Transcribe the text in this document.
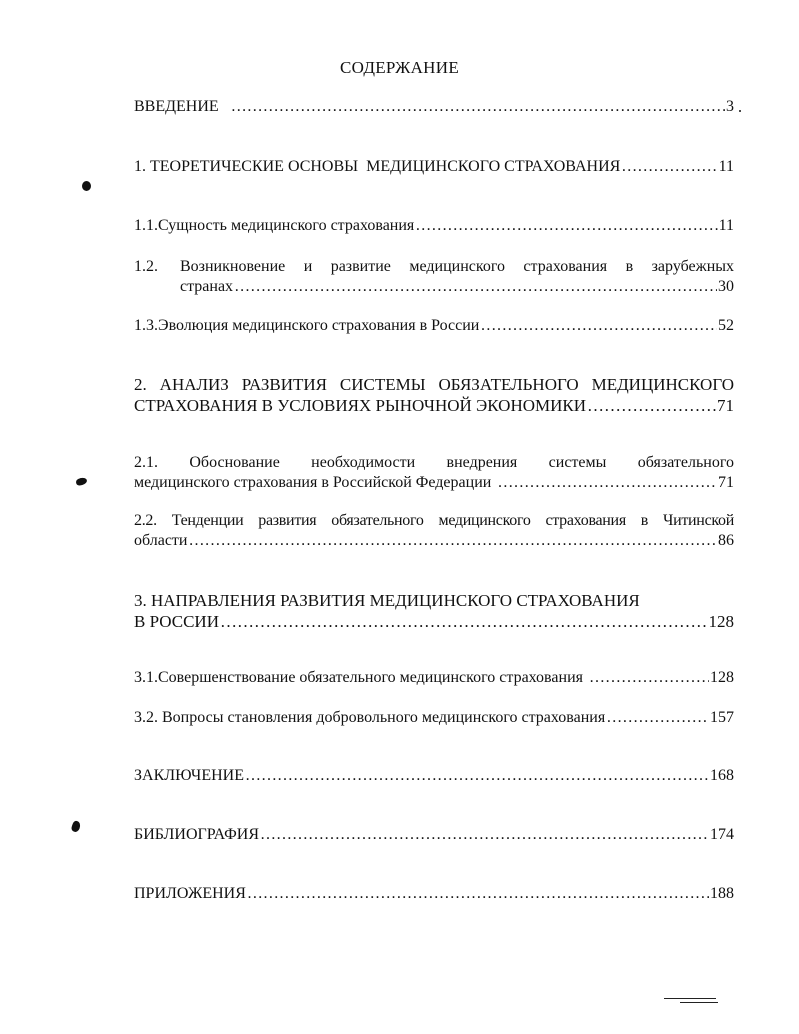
СОДЕРЖАНИЕ
ВВЕДЕНИЕ …………………………………………………………………………………………………………………………………………………………………………………………………………………………	3
1. ТЕОРЕТИЧЕСКИЕ ОСНОВЫ  МЕДИЦИНСКОГО СТРАХОВАНИЯ …………………………………………………………………………………………………………………………………………………………………………………………………………………………	11
1.1. Сущность медицинского страхования …………………………………………………………………………………………………………………………………………………………………………………………………………………………	11
1.2.	Возникновение и развитие медицинского страхования в зарубежных
странах …………………………………………………………………………………………………………………………………………………………………………………………………………………………	30
1.3. Эволюция медицинского страхования в России …………………………………………………………………………………………………………………………………………………………………………………………………………………………	52
2. АНАЛИЗ РАЗВИТИЯ СИСТЕМЫ ОБЯЗАТЕЛЬНОГО МЕДИЦИНСКОГО
СТРАХОВАНИЯ В УСЛОВИЯХ РЫНОЧНОЙ ЭКОНОМИКИ …………………………………………………………………………………………………………………………………………………………………………………………………………………………	71
2.1.   Обоснование   необходимости   внедрения   системы   обязательного
медицинского страхования в Российской Федерации …………………………………………………………………………………………………………………………………………………………………………………………………………………………	71
2.2. Тенденции развития обязательного медицинского страхования в Читинской
области …………………………………………………………………………………………………………………………………………………………………………………………………………………………	86
3. НАПРАВЛЕНИЯ РАЗВИТИЯ МЕДИЦИНСКОГО СТРАХОВАНИЯ
В РОССИИ …………………………………………………………………………………………………………………………………………………………………………………………………………………………	128
3.1.Совершенствование обязательного медицинского страхования …………………………………………………………………………………………………………………………………………………………………………………………………………………………	128
3.2. Вопросы становления добровольного медицинского страхования …………………………………………………………………………………………………………………………………………………………………………………………………………………………	157
ЗАКЛЮЧЕНИЕ …………………………………………………………………………………………………………………………………………………………………………………………………………………………	168
БИБЛИОГРАФИЯ …………………………………………………………………………………………………………………………………………………………………………………………………………………………	174
ПРИЛОЖЕНИЯ …………………………………………………………………………………………………………………………………………………………………………………………………………………………	188
